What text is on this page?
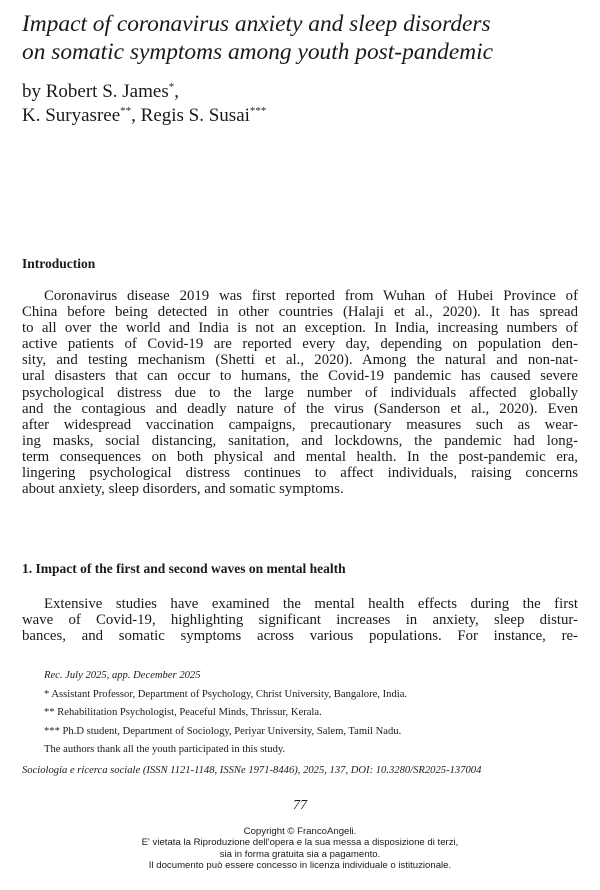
Impact of coronavirus anxiety and sleep disorders
on somatic symptoms among youth post-pandemic
by Robert S. James*,
K. Suryasree**, Regis S. Susai***
Introduction
Coronavirus disease 2019 was first reported from Wuhan of Hubei Province of
China before being detected in other countries (Halaji et al., 2020). It has spread
to all over the world and India is not an exception. In India, increasing numbers of
active patients of Covid-19 are reported every day, depending on population den-
sity, and testing mechanism (Shetti et al., 2020). Among the natural and non-nat-
ural disasters that can occur to humans, the Covid-19 pandemic has caused severe
psychological distress due to the large number of individuals affected globally
and the contagious and deadly nature of the virus (Sanderson et al., 2020). Even
after widespread vaccination campaigns, precautionary measures such as wear-
ing masks, social distancing, sanitation, and lockdowns, the pandemic had long-
term consequences on both physical and mental health. In the post-pandemic era,
lingering psychological distress continues to affect individuals, raising concerns
about anxiety, sleep disorders, and somatic symptoms.
1. Impact of the first and second waves on mental health
Extensive studies have examined the mental health effects during the first
wave of Covid-19, highlighting significant increases in anxiety, sleep distur-
bances, and somatic symptoms across various populations. For instance, re-
Rec. July 2025, app. December 2025
* Assistant Professor, Department of Psychology, Christ University, Bangalore, India.
** Rehabilitation Psychologist, Peaceful Minds, Thrissur, Kerala.
*** Ph.D student, Department of Sociology, Periyar University, Salem, Tamil Nadu.
The authors thank all the youth participated in this study.
Sociologia e ricerca sociale (ISSN 1121-1148, ISSNe 1971-8446), 2025, 137, DOI: 10.3280/SR2025-137004
77
Copyright © FrancoAngeli.
E' vietata la Riproduzione dell'opera e la sua messa a disposizione di terzi,
sia in forma gratuita sia a pagamento.
Il documento può essere concesso in licenza individuale o istituzionale.
